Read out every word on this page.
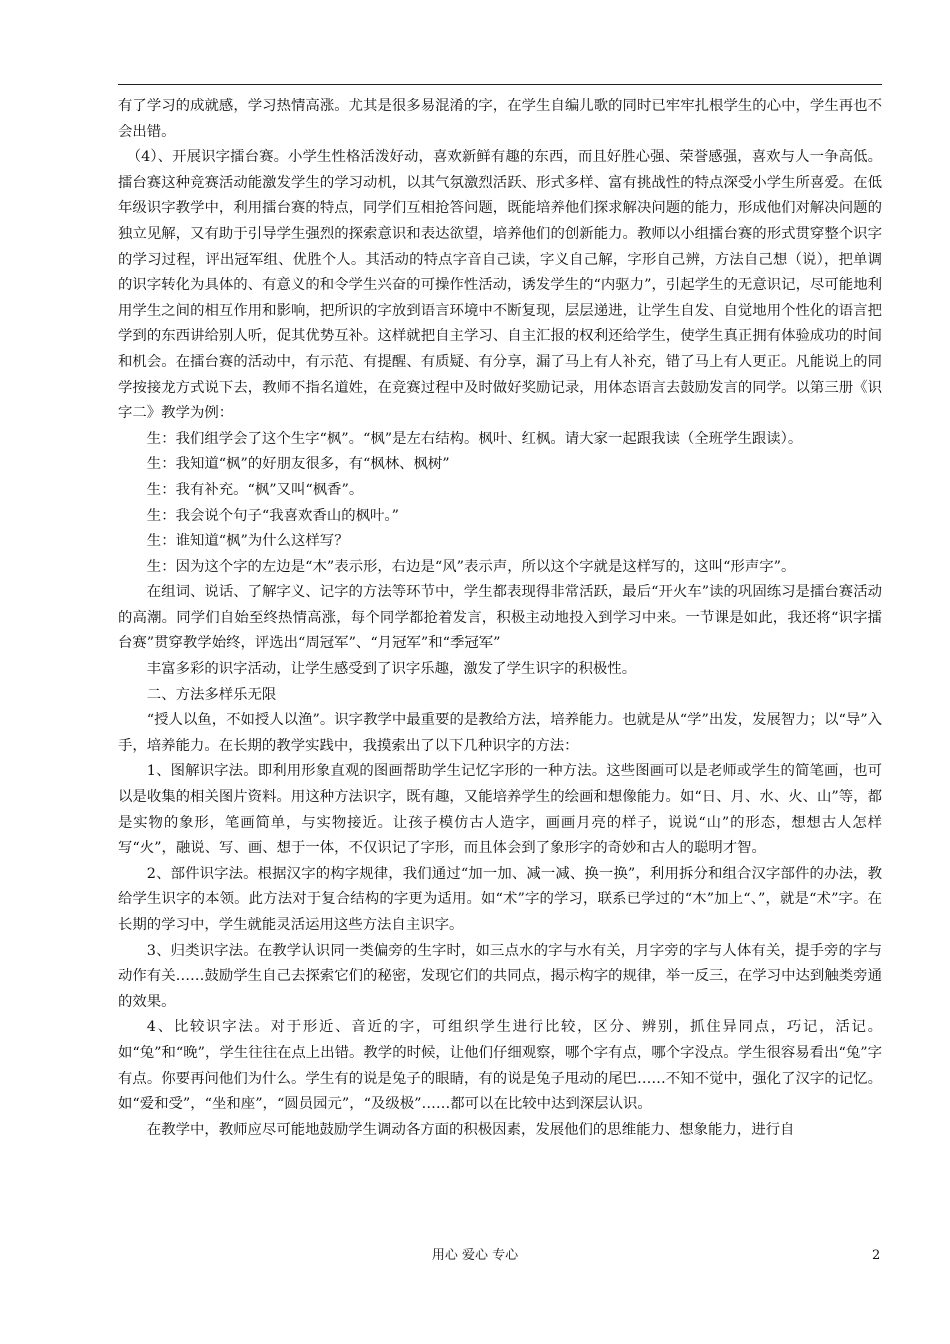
有了学习的成就感，学习热情高涨。尤其是很多易混淆的字，在学生自编儿歌的同时已牢牢扎根学生的心中，学生再也不会出错。

（4）、开展识字擂台赛。小学生性格活泼好动，喜欢新鲜有趣的东西，而且好胜心强、荣誉感强，喜欢与人一争高低。擂台赛这种竞赛活动能激发学生的学习动机，以其气氛激烈活跃、形式多样、富有挑战性的特点深受小学生所喜爱。在低年级识字教学中，利用擂台赛的特点，同学们互相抢答问题，既能培养他们探求解决问题的能力，形成他们对解决问题的独立见解，又有助于引导学生强烈的探索意识和表达欲望，培养他们的创新能力。教师以小组擂台赛的形式贯穿整个识字的学习过程，评出冠军组、优胜个人。其活动的特点字音自己读，字义自己解，字形自己辨，方法自己想（说），把单调的识字转化为具体的、有意义的和令学生兴奋的可操作性活动，诱发学生的“内驱力”，引起学生的无意识记，尽可能地利用学生之间的相互作用和影响，把所识的字放到语言环境中不断复现，层层递进，让学生自发、自觉地用个性化的语言把学到的东西讲给别人听，促其优势互补。这样就把自主学习、自主汇报的权利还给学生，使学生真正拥有体验成功的时间和机会。在擂台赛的活动中，有示范、有提醒、有质疑、有分享，漏了马上有人补充，错了马上有人更正。凡能说上的同学按接龙方式说下去，教师不指名道姓，在竞赛过程中及时做好奖励记录，用体态语言去鼓励发言的同学。以第三册《识字二》教学为例：

生：我们组学会了这个生字“枫”。“枫”是左右结构。枫叶、红枫。请大家一起跟我读（全班学生跟读）。

生：我知道“枫”的好朋友很多，有“枫林、枫树”

生：我有补充。“枫”又叫“枫香”。

生：我会说个句子“我喜欢香山的枫叶。”

生：谁知道“枫”为什么这样写？

生：因为这个字的左边是“木”表示形，右边是“风”表示声，所以这个字就是这样写的，这叫“形声字”。

在组词、说话、了解字义、记字的方法等环节中，学生都表现得非常活跃，最后“开火车”读的巩固练习是擂台赛活动的高潮。同学们自始至终热情高涨，每个同学都抢着发言，积极主动地投入到学习中来。一节课是如此，我还将“识字擂台赛”贯穿教学始终，评选出“周冠军”、“月冠军”和“季冠军”

丰富多彩的识字活动，让学生感受到了识字乐趣，激发了学生识字的积极性。

二、方法多样乐无限

“授人以鱼，不如授人以渔”。识字教学中最重要的是教给方法，培养能力。也就是从“学”出发，发展智力；以“导”入手，培养能力。在长期的教学实践中，我摸索出了以下几种识字的方法：

1、图解识字法。即利用形象直观的图画帮助学生记忆字形的一种方法。这些图画可以是老师或学生的简笔画，也可以是收集的相关图片资料。用这种方法识字，既有趣，又能培养学生的绘画和想像能力。如“日、月、水、火、山”等，都是实物的象形，笔画简单，与实物接近。让孩子模仿古人造字，画画月亮的样子，说说“山”的形态，想想古人怎样写“火”，融说、写、画、想于一体，不仅识记了字形，而且体会到了象形字的奇妙和古人的聪明才智。

2、部件识字法。根据汉字的构字规律，我们通过“加一加、减一减、换一换”，利用拆分和组合汉字部件的办法，教给学生识字的本领。此方法对于复合结构的字更为适用。如“术”字的学习，联系已学过的“木”加上“、”，就是“术”字。在长期的学习中，学生就能灵活运用这些方法自主识字。

3、归类识字法。在教学认识同一类偏旁的生字时，如三点水的字与水有关，月字旁的字与人体有关，提手旁的字与动作有关……鼓励学生自己去探索它们的秘密，发现它们的共同点，揭示构字的规律，举一反三，在学习中达到触类旁通的效果。

4、比较识字法。对于形近、音近的字，可组织学生进行比较，区分、辨别，抓住异同点，巧记，活记。如“兔”和“晚”，学生往往在点上出错。教学的时候，让他们仔细观察，哪个字有点，哪个字没点。学生很容易看出“兔”字有点。你要再问他们为什么。学生有的说是兔子的眼睛，有的说是兔子甩动的尾巴……不知不觉中，强化了汉字的记忆。如“爱和受”，“坐和座”，“圆员园元”，“及级极”……都可以在比较中达到深层认识。

在教学中，教师应尽可能地鼓励学生调动各方面的积极因素，发展他们的思维能力、想象能力，进行自

用心 爱心 专心	2
